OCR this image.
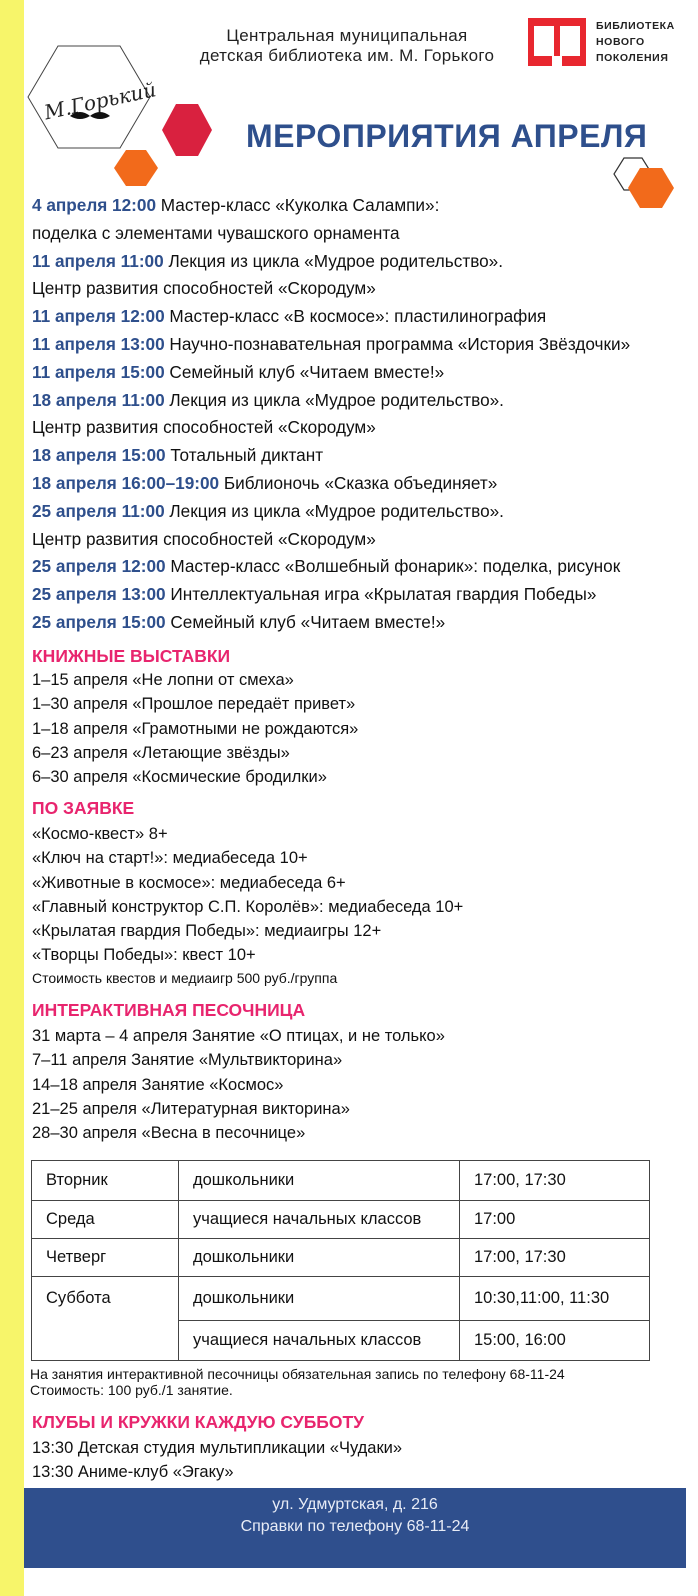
М.Горький
Центральная муниципальная
детская библиотека им. М. Горького
БИБЛИОТЕКА
НОВОГО
ПОКОЛЕНИЯ
МЕРОПРИЯТИЯ АПРЕЛЯ
4 апреля 12:00 Мастер-класс «Куколка Салампи»:
поделка с элементами чувашского орнамента
11 апреля 11:00 Лекция из цикла «Мудрое родительство».
Центр развития способностей «Скородум»
11 апреля 12:00 Мастер-класс «В космосе»: пластилинография
11 апреля 13:00 Научно-познавательная программа «История Звёздочки»
11 апреля 15:00 Семейный клуб «Читаем вместе!»
18 апреля 11:00 Лекция из цикла «Мудрое родительство».
Центр развития способностей «Скородум»
18 апреля 15:00 Тотальный диктант
18 апреля 16:00–19:00 Библионочь «Сказка объединяет»
25 апреля 11:00 Лекция из цикла «Мудрое родительство».
Центр развития способностей «Скородум»
25 апреля 12:00 Мастер-класс «Волшебный фонарик»: поделка, рисунок
25 апреля 13:00 Интеллектуальная игра «Крылатая гвардия Победы»
25 апреля 15:00 Семейный клуб «Читаем вместе!»
КНИЖНЫЕ ВЫСТАВКИ
1–15 апреля «Не лопни от смеха»
1–30 апреля «Прошлое передаёт привет»
1–18 апреля «Грамотными не рождаются»
6–23 апреля «Летающие звёзды»
6–30 апреля «Космические бродилки»
ПО ЗАЯВКЕ
«Космо-квест» 8+
«Ключ на старт!»: медиабеседа 10+
«Животные в космосе»: медиабеседа 6+
«Главный конструктор С.П. Королёв»: медиабеседа 10+
«Крылатая гвардия Победы»: медиаигры 12+
«Творцы Победы»: квест 10+
Стоимость квестов и медиаигр 500 руб./группа
ИНТЕРАКТИВНАЯ ПЕСОЧНИЦА
31 марта – 4 апреля Занятие «О птицах, и не только»
7–11 апреля Занятие «Мультвикторина»
14–18 апреля Занятие «Космос»
21–25 апреля «Литературная викторина»
28–30 апреля «Весна в песочнице»
Вторник	дошкольники	17:00, 17:30
Среда	учащиеся начальных классов	17:00
Четверг	дошкольники	17:00, 17:30
Суббота	дошкольники	10:30,11:00, 11:30
	учащиеся начальных классов	15:00, 16:00
На занятия интерактивной песочницы обязательная запись по телефону 68-11-24
Стоимость: 100 руб./1 занятие.
КЛУБЫ И КРУЖКИ КАЖДУЮ СУББОТУ
13:30 Детская студия мультипликации «Чудаки»
13:30 Аниме-клуб «Эгаку»
ул. Удмуртская, д. 216
Справки по телефону 68-11-24
